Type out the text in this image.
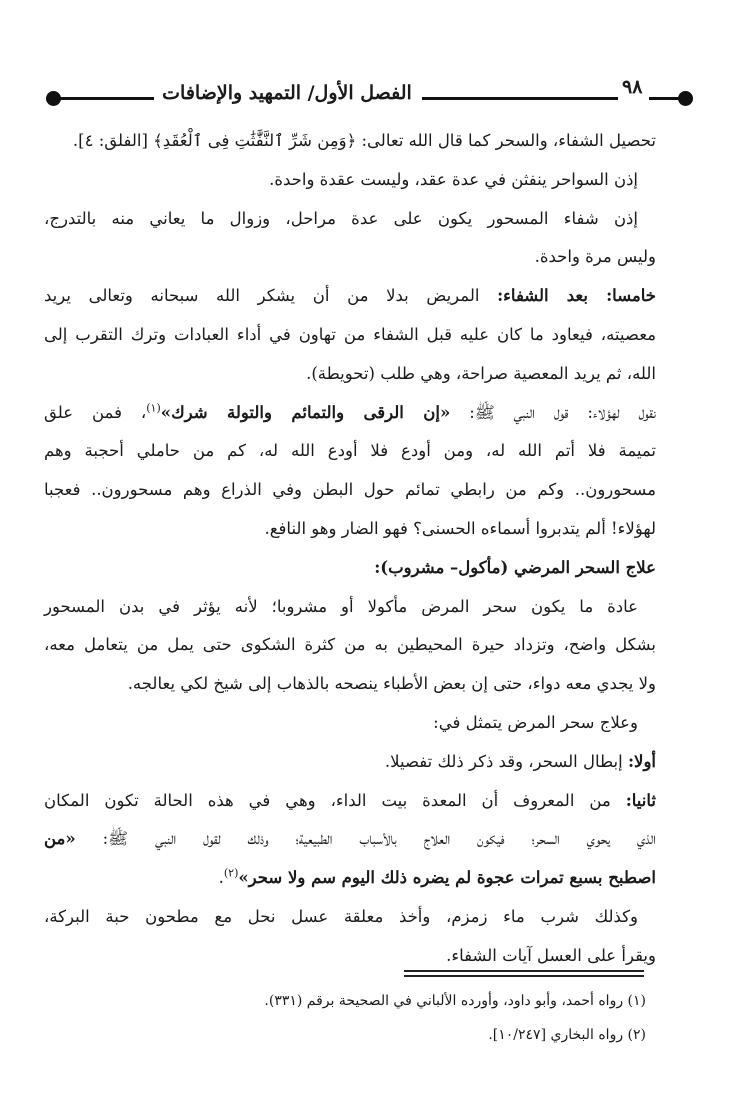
الفصل الأول/ التمهيد والإضافات	٩٨
تحصيل الشفاء، والسحر كما قال الله تعالى: ﴿وَمِن شَرِّ ٱلنَّفَّٰثَٰتِ فِى ٱلْعُقَدِ﴾ [الفلق: ٤].
إذن السواحر ينفثن في عدة عقد، وليست عقدة واحدة.
إذن شفاء المسحور يكون على عدة مراحل، وزوال ما يعاني منه بالتدرج،
وليس مرة واحدة.
خامسا: بعد الشفاء: المريض بدلا من أن يشكر الله سبحانه وتعالى يريد
معصيته، فيعاود ما كان عليه قبل الشفاء من تهاون في أداء العبادات وترك التقرب إلى
الله، ثم يريد المعصية صراحة، وهي طلب (تحويطة).
نقول لهؤلاء: قول النبي ﷺ: «إن الرقى والتمائم والتولة شرك»$^{(١)}$، فمن علق
تميمة فلا أتم الله له، ومن أودع فلا أودع الله له، كم من حاملي أحجبة وهم
مسحورون.. وكم من رابطي تمائم حول البطن وفي الذراع وهم مسحورون.. فعجبا
لهؤلاء! ألم يتدبروا أسماءه الحسنى؟ فهو الضار وهو النافع.
علاج السحر المرضي (مأكول– مشروب):
عادة ما يكون سحر المرض مأكولا أو مشروبا؛ لأنه يؤثر في بدن المسحور
بشكل واضح، وتزداد حيرة المحيطين به من كثرة الشكوى حتى يمل من يتعامل معه،
ولا يجدي معه دواء، حتى إن بعض الأطباء ينصحه بالذهاب إلى شيخ لكي يعالجه.
وعلاج سحر المرض يتمثل في:
أولا: إبطال السحر، وقد ذكر ذلك تفصيلا.
ثانيا: من المعروف أن المعدة بيت الداء، وهي في هذه الحالة تكون المكان
الذي يحوي السحر؛ فيكون العلاج بالأسباب الطبيعية؛ وذلك لقول النبي ﷺ: «من
اصطبح بسبع تمرات عجوة لم يضره ذلك اليوم سم ولا سحر»$^{(٢)}$.
وكذلك شرب ماء زمزم، وأخذ معلقة عسل نحل مع مطحون حبة البركة،
ويقرأ على العسل آيات الشفاء.
(١) رواه أحمد، وأبو داود، وأورده الألباني في الصحيحة برقم (٣٣١).
(٢) رواه البخاري [١٠/٢٤٧].
